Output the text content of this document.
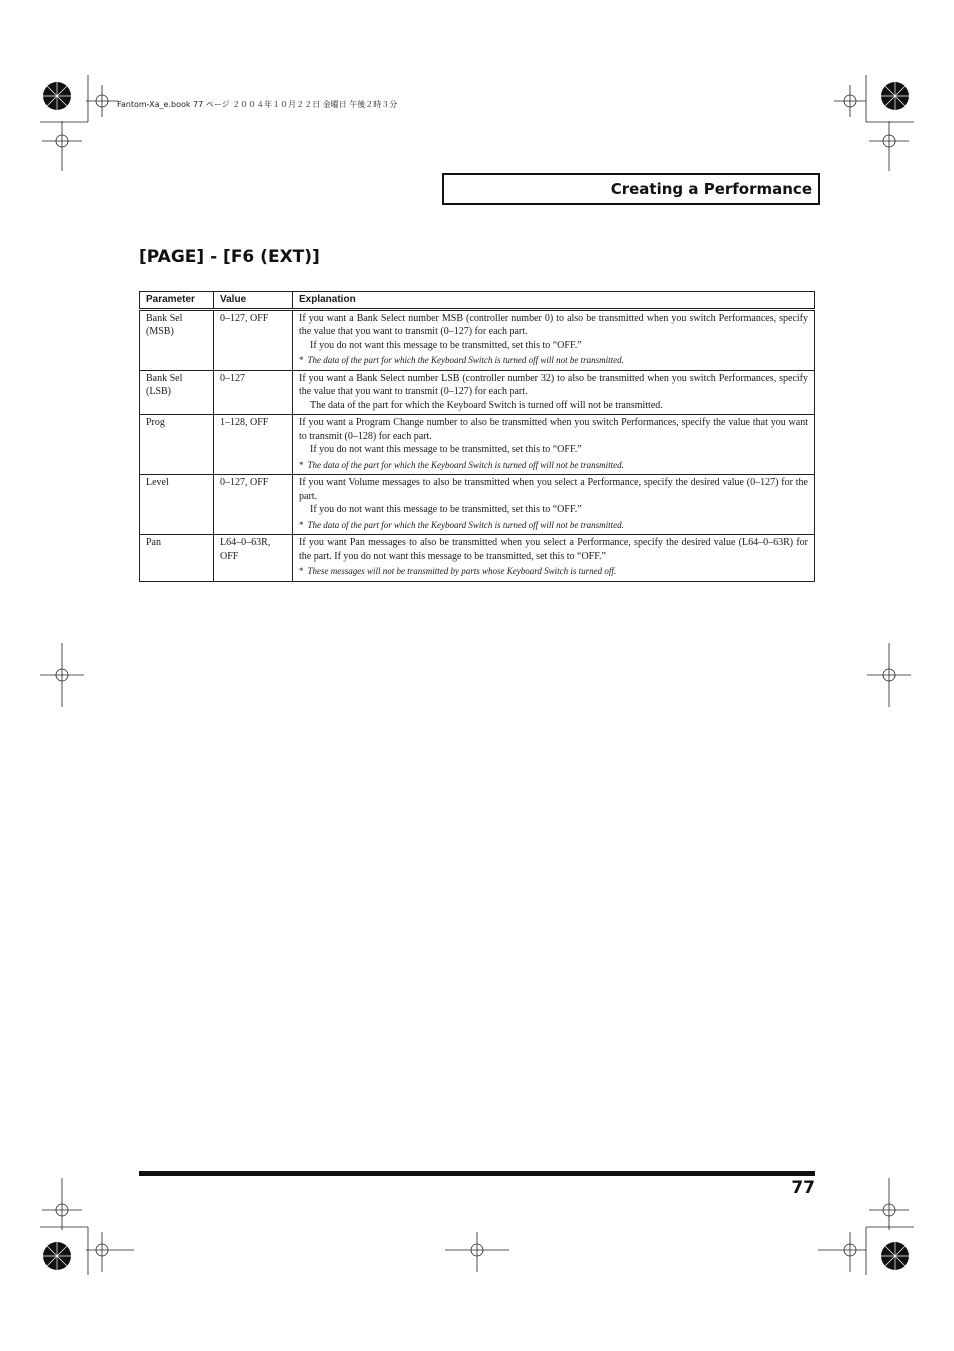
Fantom-Xa_e.book 77 ページ ２００４年１０月２２日 金曜日 午後２時３分
Creating a Performance
[PAGE] - [F6 (EXT)]
Parameter	Value	Explanation
Bank Sel (MSB)	0–127, OFF	If you want a Bank Select number MSB (controller number 0) to also be transmitted when you switch Performances, specify the value that you want to transmit (0–127) for each part.
If you do not want this message to be transmitted, set this to “OFF.”
* The data of the part for which the Keyboard Switch is turned off will not be transmitted.

Bank Sel (LSB)	0–127	If you want a Bank Select number LSB (controller number 32) to also be transmitted when you switch Performances, specify the value that you want to transmit (0–127) for each part.
The data of the part for which the Keyboard Switch is turned off will not be transmitted.

Prog	1–128, OFF	If you want a Program Change number to also be transmitted when you switch Performances, specify the value that you want to transmit (0–128) for each part.
If you do not want this message to be transmitted, set this to “OFF.”
* The data of the part for which the Keyboard Switch is turned off will not be transmitted.

Level	0–127, OFF	If you want Volume messages to also be transmitted when you select a Performance, specify the desired value (0–127) for the part.
If you do not want this message to be transmitted, set this to “OFF.”
* The data of the part for which the Keyboard Switch is turned off will not be transmitted.

Pan	L64–0–63R, OFF	If you want Pan messages to also be transmitted when you select a Performance, specify the desired value (L64–0–63R) for the part. If you do not want this message to be transmitted, set this to “OFF.”
* These messages will not be transmitted by parts whose Keyboard Switch is turned off.
77
